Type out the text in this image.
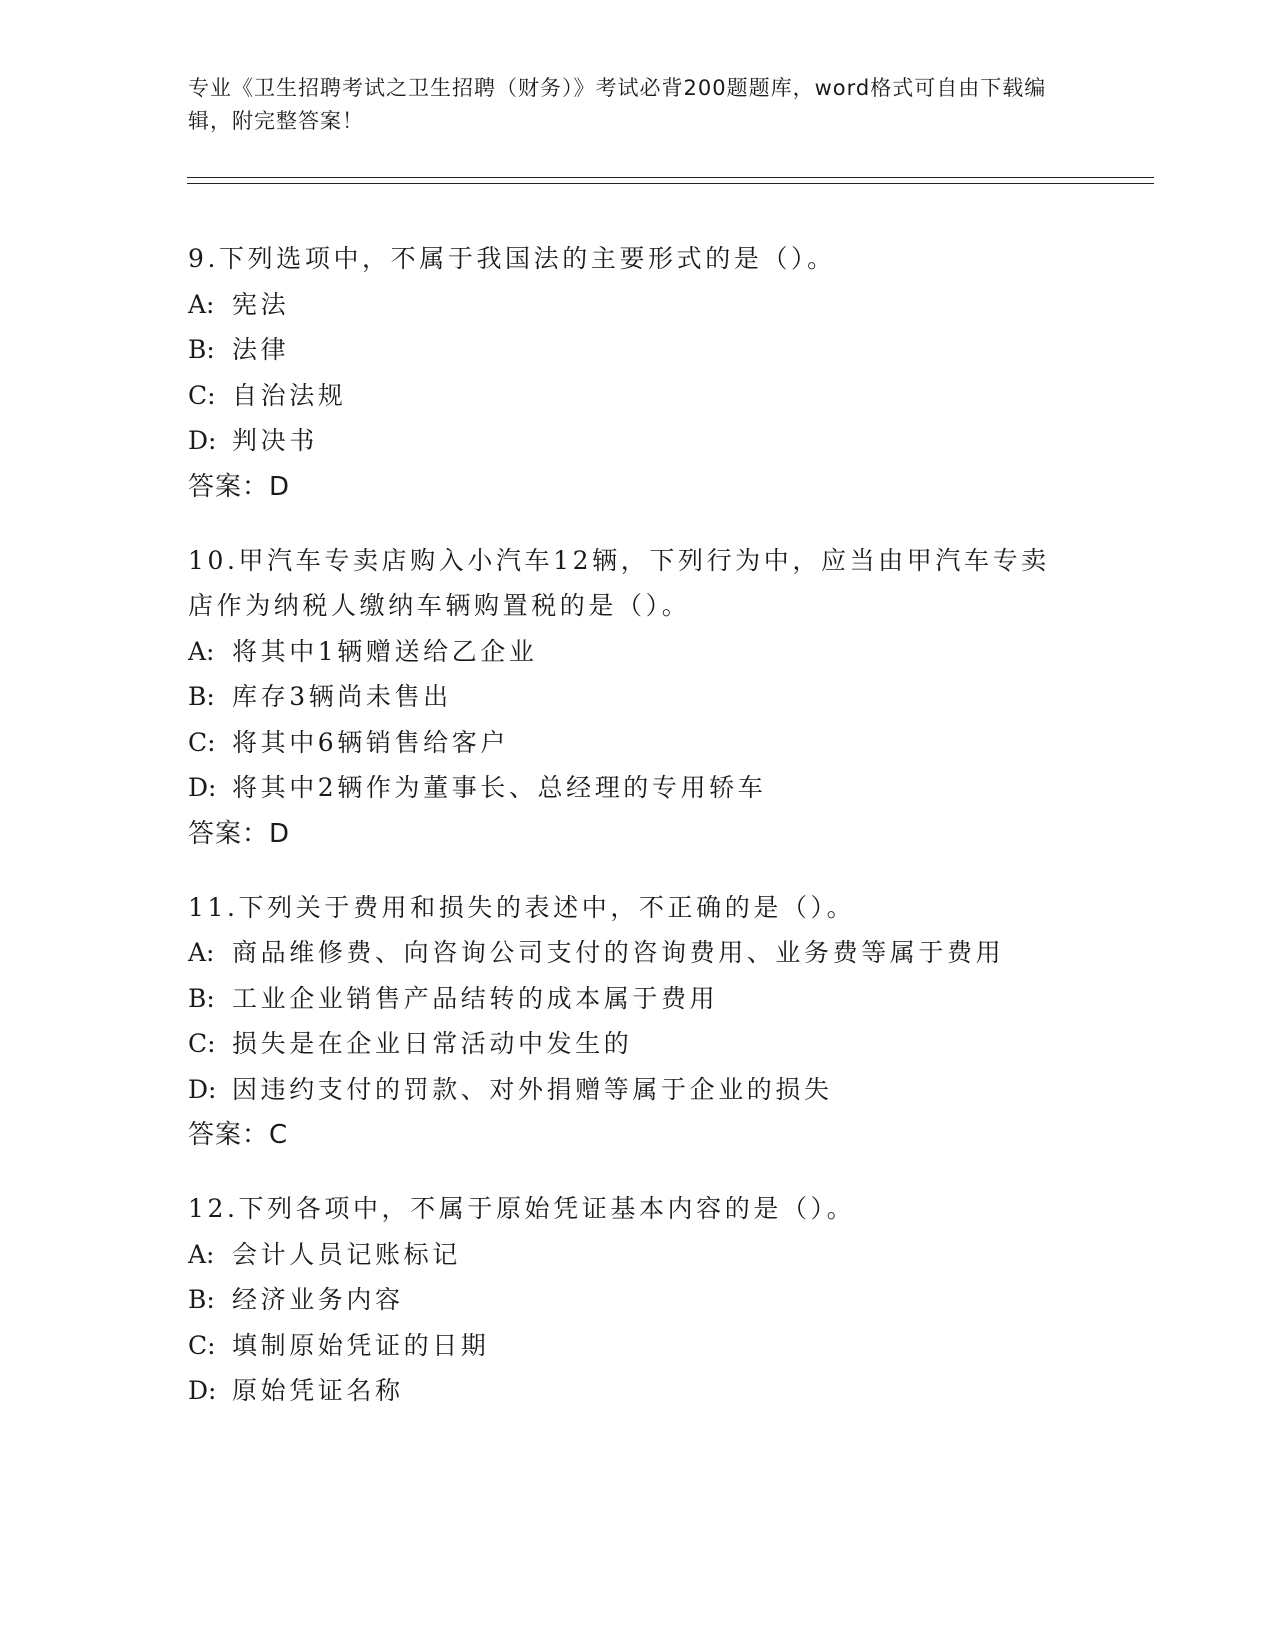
专业《卫生招聘考试之卫生招聘（财务）》考试必背200题题库，word格式可自由下载编辑，附完整答案！
9.下列选项中，不属于我国法的主要形式的是（）。
A: 宪法
B: 法律
C: 自治法规
D: 判决书
答案：D
10.甲汽车专卖店购入小汽车12辆，下列行为中，应当由甲汽车专卖店作为纳税人缴纳车辆购置税的是（）。
A: 将其中1辆赠送给乙企业
B: 库存3辆尚未售出
C: 将其中6辆销售给客户
D: 将其中2辆作为董事长、总经理的专用轿车
答案：D
11.下列关于费用和损失的表述中，不正确的是（）。
A: 商品维修费、向咨询公司支付的咨询费用、业务费等属于费用
B: 工业企业销售产品结转的成本属于费用
C: 损失是在企业日常活动中发生的
D: 因违约支付的罚款、对外捐赠等属于企业的损失
答案：C
12.下列各项中，不属于原始凭证基本内容的是（）。
A: 会计人员记账标记
B: 经济业务内容
C: 填制原始凭证的日期
D: 原始凭证名称
